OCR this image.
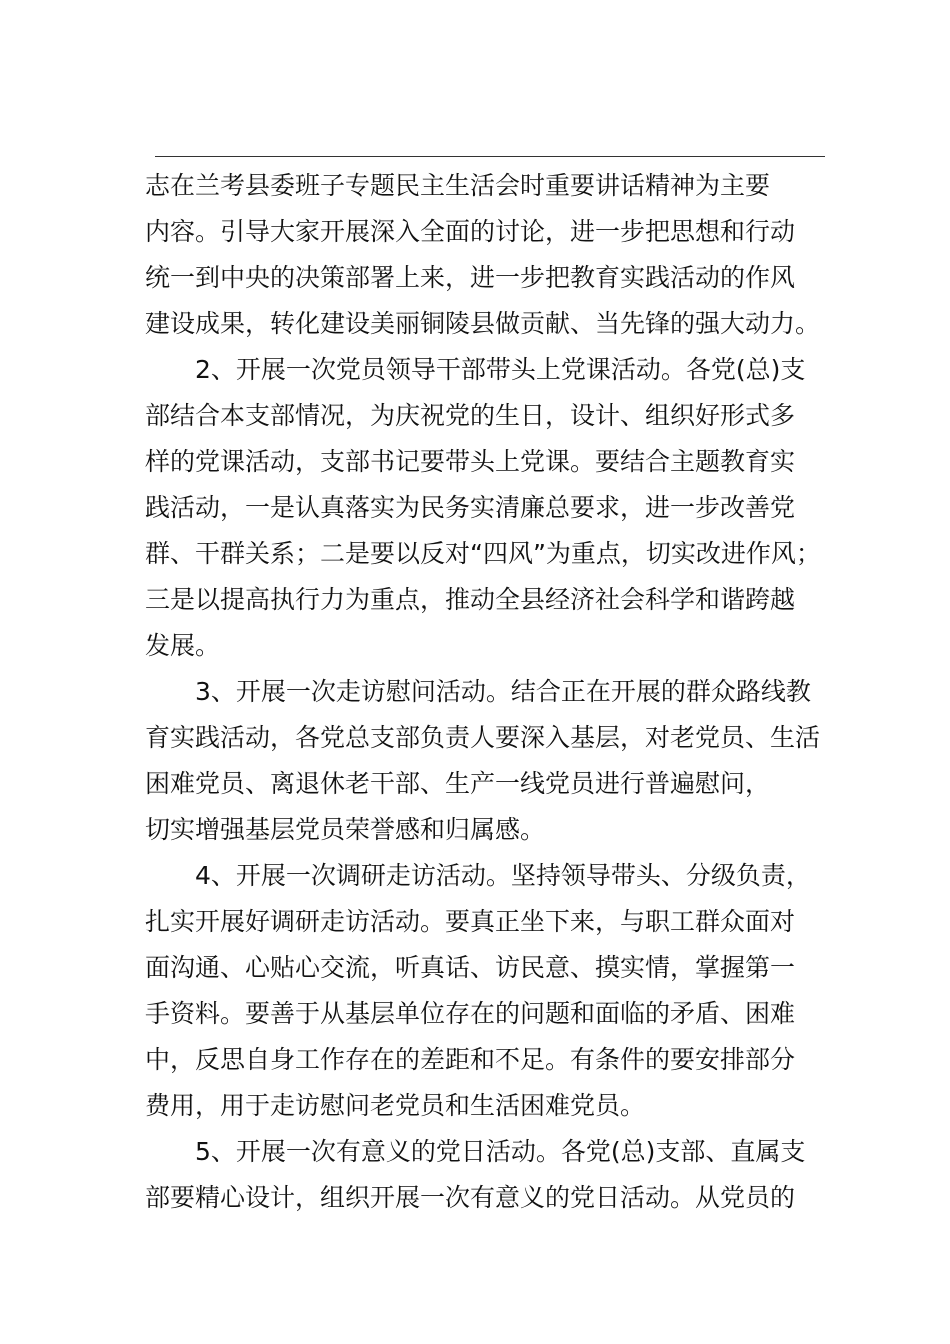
志在兰考县委班子专题民主生活会时重要讲话精神为主要
内容。引导大家开展深入全面的讨论，进一步把思想和行动
统一到中央的决策部署上来，进一步把教育实践活动的作风
建设成果，转化建设美丽铜陵县做贡献、当先锋的强大动力。
2、开展一次党员领导干部带头上党课活动。各党(总)支
部结合本支部情况，为庆祝党的生日，设计、组织好形式多
样的党课活动，支部书记要带头上党课。要结合主题教育实
践活动，一是认真落实为民务实清廉总要求，进一步改善党
群、干群关系；二是要以反对“四风”为重点，切实改进作风；
三是以提高执行力为重点，推动全县经济社会科学和谐跨越
发展。
3、开展一次走访慰问活动。结合正在开展的群众路线教
育实践活动，各党总支部负责人要深入基层，对老党员、生活
困难党员、离退休老干部、生产一线党员进行普遍慰问，
切实增强基层党员荣誉感和归属感。
4、开展一次调研走访活动。坚持领导带头、分级负责，
扎实开展好调研走访活动。要真正坐下来，与职工群众面对
面沟通、心贴心交流，听真话、访民意、摸实情，掌握第一
手资料。要善于从基层单位存在的问题和面临的矛盾、困难
中，反思自身工作存在的差距和不足。有条件的要安排部分
费用，用于走访慰问老党员和生活困难党员。
5、开展一次有意义的党日活动。各党(总)支部、直属支
部要精心设计，组织开展一次有意义的党日活动。从党员的
